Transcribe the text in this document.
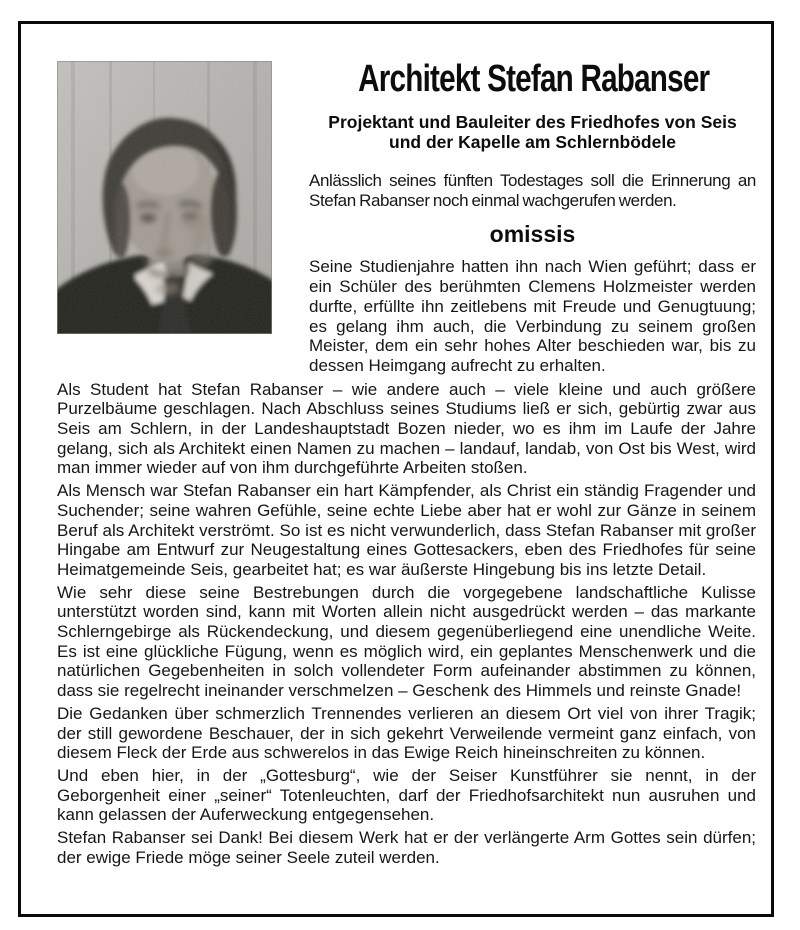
Architekt Stefan Rabanser
Projektant und Bauleiter des Friedhofes von Seis
und der Kapelle am Schlernbödele

Anlässlich seines fünften Todestages soll die Erinnerung an Stefan Rabanser noch einmal wachgerufen werden.

omissis

Seine Studienjahre hatten ihn nach Wien geführt; dass er ein Schüler des berühmten Clemens Holzmeister werden durfte, erfüllte ihn zeitlebens mit Freude und Genugtuung; es gelang ihm auch, die Verbindung zu seinem großen Meister, dem ein sehr hohes Alter beschieden war, bis zu dessen Heimgang aufrecht zu erhalten.

Als Student hat Stefan Rabanser – wie andere auch – viele kleine und auch größere Purzelbäume geschlagen. Nach Abschluss seines Studiums ließ er sich, gebürtig zwar aus Seis am Schlern, in der Landeshauptstadt Bozen nieder, wo es ihm im Laufe der Jahre gelang, sich als Architekt einen Namen zu machen – landauf, landab, von Ost bis West, wird man immer wieder auf von ihm durchgeführte Arbeiten stoßen.

Als Mensch war Stefan Rabanser ein hart Kämpfender, als Christ ein ständig Fragender und Suchender; seine wahren Gefühle, seine echte Liebe aber hat er wohl zur Gänze in seinem Beruf als Architekt verströmt. So ist es nicht verwunderlich, dass Stefan Rabanser mit großer Hingabe am Entwurf zur Neugestaltung eines Gottesackers, eben des Friedhofes für seine Heimatgemeinde Seis, gearbeitet hat; es war äußerste Hingebung bis ins letzte Detail.

Wie sehr diese seine Bestrebungen durch die vorgegebene landschaftliche Kulisse unterstützt worden sind, kann mit Worten allein nicht ausgedrückt werden – das markante Schlerngebirge als Rückendeckung, und diesem gegenüberliegend eine unendliche Weite. Es ist eine glückliche Fügung, wenn es möglich wird, ein geplantes Menschenwerk und die natürlichen Gegebenheiten in solch vollendeter Form aufeinander abstimmen zu können, dass sie regelrecht ineinander verschmelzen – Geschenk des Himmels und reinste Gnade!

Die Gedanken über schmerzlich Trennendes verlieren an diesem Ort viel von ihrer Tragik; der still gewordene Beschauer, der in sich gekehrt Verweilende vermeint ganz einfach, von diesem Fleck der Erde aus schwerelos in das Ewige Reich hineinschreiten zu können.

Und eben hier, in der „Gottesburg“, wie der Seiser Kunstführer sie nennt, in der Geborgenheit einer „seiner“ Totenleuchten, darf der Friedhofsarchitekt nun ausruhen und kann gelassen der Auferweckung entgegensehen.

Stefan Rabanser sei Dank! Bei diesem Werk hat er der verlängerte Arm Gottes sein dürfen; der ewige Friede möge seiner Seele zuteil werden.
